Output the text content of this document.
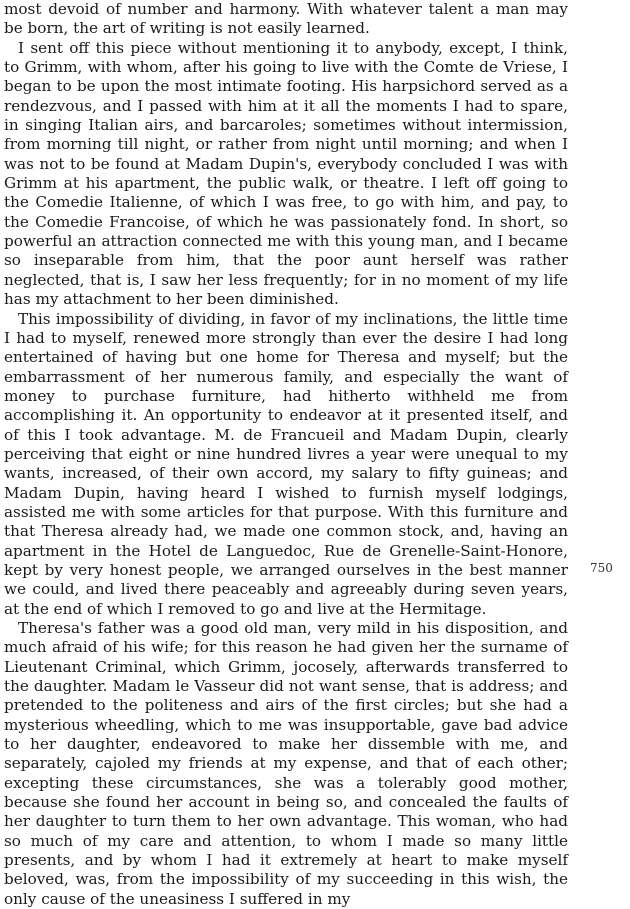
most devoid of number and harmony. With whatever talent a man may be born, the art of writing is not easily learned.

I sent off this piece without mentioning it to anybody, except, I think, to Grimm, with whom, after his going to live with the Comte de Vriese, I began to be upon the most intimate footing. His harpsichord served as a rendezvous, and I passed with him at it all the moments I had to spare, in singing Italian airs, and barcaroles; sometimes without intermission, from morning till night, or rather from night until morning; and when I was not to be found at Madam Dupin's, everybody concluded I was with Grimm at his apartment, the public walk, or theatre. I left off going to the Comedie Italienne, of which I was free, to go with him, and pay, to the Comedie Francoise, of which he was passionately fond. In short, so powerful an attraction connected me with this young man, and I became so inseparable from him, that the poor aunt herself was rather neglected, that is, I saw her less frequently; for in no moment of my life has my attachment to her been diminished.

This impossibility of dividing, in favor of my inclinations, the little time I had to myself, renewed more strongly than ever the desire I had long entertained of having but one home for Theresa and myself; but the embarrassment of her numerous family, and especially the want of money to purchase furniture, had hitherto withheld me from accomplishing it. An opportunity to endeavor at it presented itself, and of this I took advantage. M. de Francueil and Madam Dupin, clearly perceiving that eight or nine hundred livres a year were unequal to my wants, increased, of their own accord, my salary to fifty guineas; and Madam Dupin, having heard I wished to furnish myself lodgings, assisted me with some articles for that purpose. With this furniture and that Theresa already had, we made one common stock, and, having an apartment in the Hotel de Languedoc, Rue de Grenelle-Saint-Honore, kept by very honest people, we arranged ourselves in the best manner we could, and lived there peaceably and agreeably during seven years, at the end of which I removed to go and live at the Hermitage.

Theresa's father was a good old man, very mild in his disposition, and much afraid of his wife; for this reason he had given her the surname of Lieutenant Criminal, which Grimm, jocosely, afterwards transferred to the daughter. Madam le Vasseur did not want sense, that is address; and pretended to the politeness and airs of the first circles; but she had a mysterious wheedling, which to me was insupportable, gave bad advice to her daughter, endeavored to make her dissemble with me, and separately, cajoled my friends at my expense, and that of each other; excepting these circumstances, she was a tolerably good mother, because she found her account in being so, and concealed the faults of her daughter to turn them to her own advantage. This woman, who had so much of my care and attention, to whom I made so many little presents, and by whom I had it extremely at heart to make myself beloved, was, from the impossibility of my succeeding in this wish, the only cause of the uneasiness I suffered in my

750
